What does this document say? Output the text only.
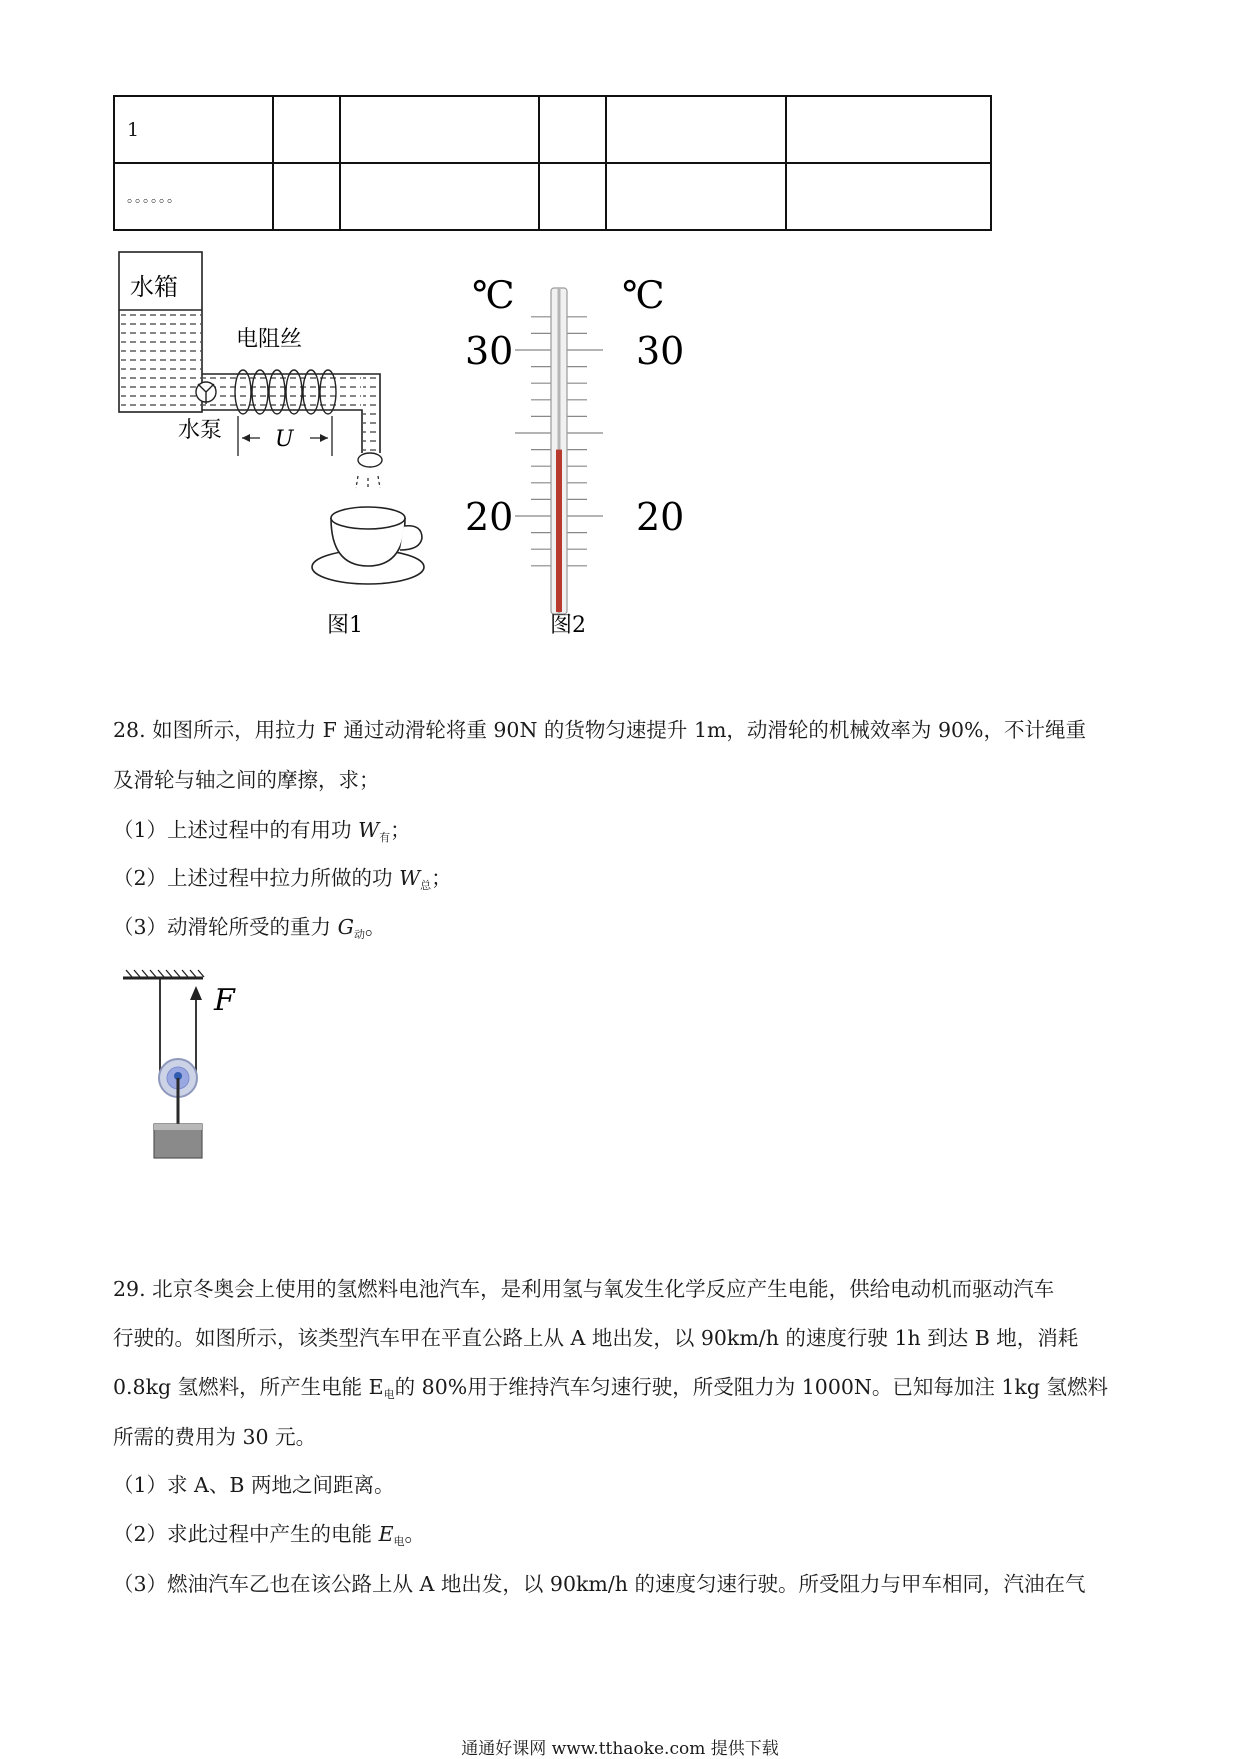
1					
。。。。。。					
水箱
电阻丝
水泵 U
图1
℃	℃
30	30
20	20
图2
28. 如图所示，用拉力 F 通过动滑轮将重 90N 的货物匀速提升 1m，动滑轮的机械效率为 90%，不计绳重
及滑轮与轴之间的摩擦，求；
（1）上述过程中的有用功 $W_有$；
（2）上述过程中拉力所做的功 $W_总$；
（3）动滑轮所受的重力 $G_动$。
F
29. 北京冬奥会上使用的氢燃料电池汽车，是利用氢与氧发生化学反应产生电能，供给电动机而驱动汽车
行驶的。如图所示，该类型汽车甲在平直公路上从 A 地出发，以 90km/h 的速度行驶 1h 到达 B 地，消耗
0.8kg 氢燃料，所产生电能 $E_电$的 80%用于维持汽车匀速行驶，所受阻力为 1000N。已知每加注 1kg 氢燃料
所需的费用为 30 元。
（1）求 A、B 两地之间距离。
（2）求此过程中产生的电能 $E_电$。
（3）燃油汽车乙也在该公路上从 A 地出发，以 90km/h 的速度匀速行驶。所受阻力与甲车相同，汽油在气
通通好课网 www.tthaoke.com 提供下载
